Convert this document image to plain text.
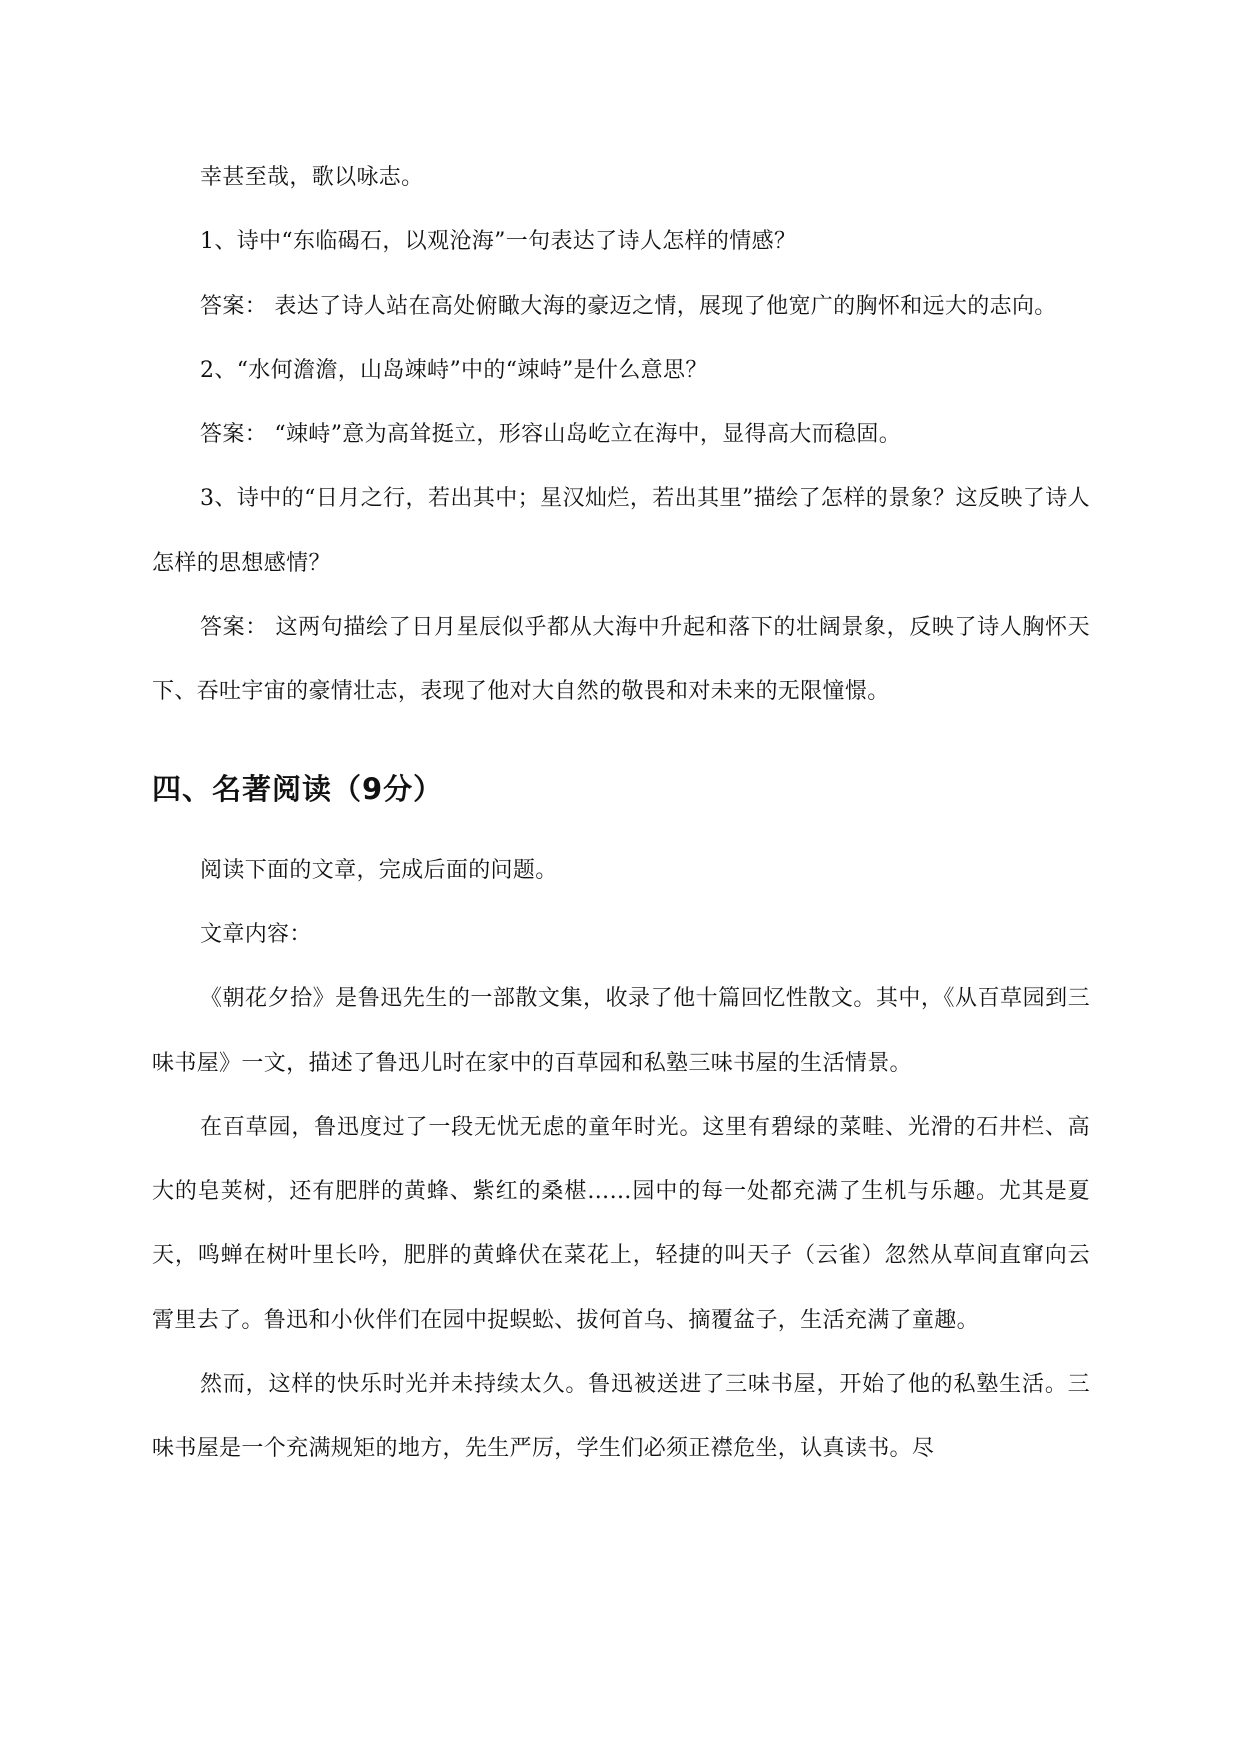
幸甚至哉，歌以咏志。

1、诗中“东临碣石，以观沧海”一句表达了诗人怎样的情感？

答案： 表达了诗人站在高处俯瞰大海的豪迈之情，展现了他宽广的胸怀和远大的志向。

2、“水何澹澹，山岛竦峙”中的“竦峙”是什么意思？

答案： “竦峙”意为高耸挺立，形容山岛屹立在海中，显得高大而稳固。

3、诗中的“日月之行，若出其中；星汉灿烂，若出其里”描绘了怎样的景象？这反映了诗人怎样的思想感情？

答案： 这两句描绘了日月星辰似乎都从大海中升起和落下的壮阔景象，反映了诗人胸怀天下、吞吐宇宙的豪情壮志，表现了他对大自然的敬畏和对未来的无限憧憬。

四、名著阅读（9分）

阅读下面的文章，完成后面的问题。

文章内容：

《朝花夕拾》是鲁迅先生的一部散文集，收录了他十篇回忆性散文。其中，《从百草园到三味书屋》一文，描述了鲁迅儿时在家中的百草园和私塾三味书屋的生活情景。

在百草园，鲁迅度过了一段无忧无虑的童年时光。这里有碧绿的菜畦、光滑的石井栏、高大的皂荚树，还有肥胖的黄蜂、紫红的桑椹……园中的每一处都充满了生机与乐趣。尤其是夏天，鸣蝉在树叶里长吟，肥胖的黄蜂伏在菜花上，轻捷的叫天子（云雀）忽然从草间直窜向云霄里去了。鲁迅和小伙伴们在园中捉蜈蚣、拔何首乌、摘覆盆子，生活充满了童趣。

然而，这样的快乐时光并未持续太久。鲁迅被送进了三味书屋，开始了他的私塾生活。三味书屋是一个充满规矩的地方，先生严厉，学生们必须正襟危坐，认真读书。尽
